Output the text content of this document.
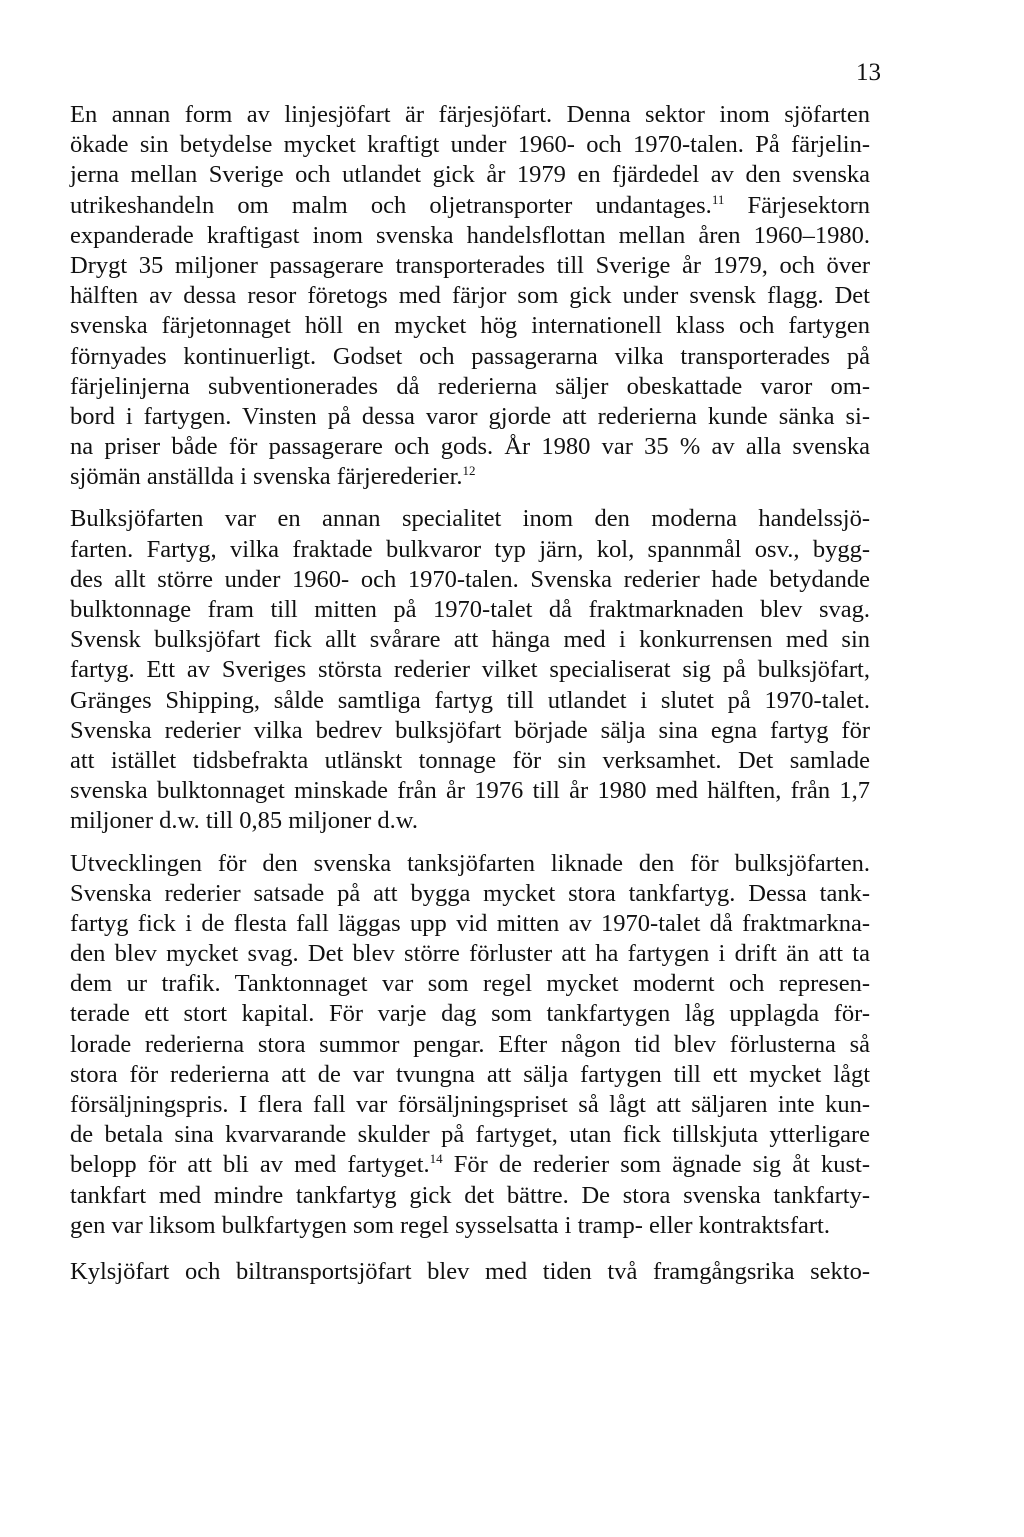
13
En annan form av linjesjöfart är färjesjöfart. Denna sektor inom sjöfarten
ökade sin betydelse mycket kraftigt under 1960- och 1970-talen. På färjelin-
jerna mellan Sverige och utlandet gick år 1979 en fjärdedel av den svenska
utrikeshandeln om malm och oljetransporter undantages.$^{11}$ Färjesektorn
expanderade kraftigast inom svenska handelsflottan mellan åren 1960–1980.
Drygt 35 miljoner passagerare transporterades till Sverige år 1979, och över
hälften av dessa resor företogs med färjor som gick under svensk flagg. Det
svenska färjetonnaget höll en mycket hög internationell klass och fartygen
förnyades kontinuerligt. Godset och passagerarna vilka transporterades på
färjelinjerna subventionerades då rederierna säljer obeskattade varor om-
bord i fartygen. Vinsten på dessa varor gjorde att rederierna kunde sänka si-
na priser både för passagerare och gods. År 1980 var 35 % av alla svenska
sjömän anställda i svenska färjerederier.$^{12}$
Bulksjöfarten var en annan specialitet inom den moderna handelssjö-
farten. Fartyg, vilka fraktade bulkvaror typ järn, kol, spannmål osv., bygg-
des allt större under 1960- och 1970-talen. Svenska rederier hade betydande
bulktonnage fram till mitten på 1970-talet då fraktmarknaden blev svag.
Svensk bulksjöfart fick allt svårare att hänga med i konkurrensen med sin
fartyg. Ett av Sveriges största rederier vilket specialiserat sig på bulksjöfart,
Gränges Shipping, sålde samtliga fartyg till utlandet i slutet på 1970-talet.
Svenska rederier vilka bedrev bulksjöfart började sälja sina egna fartyg för
att istället tidsbefrakta utlänskt tonnage för sin verksamhet. Det samlade
svenska bulktonnaget minskade från år 1976 till år 1980 med hälften, från 1,7
miljoner d.w. till 0,85 miljoner d.w.
Utvecklingen för den svenska tanksjöfarten liknade den för bulksjöfarten.
Svenska rederier satsade på att bygga mycket stora tankfartyg. Dessa tank-
fartyg fick i de flesta fall läggas upp vid mitten av 1970-talet då fraktmarkna-
den blev mycket svag. Det blev större förluster att ha fartygen i drift än att ta
dem ur trafik. Tanktonnaget var som regel mycket modernt och represen-
terade ett stort kapital. För varje dag som tankfartygen låg upplagda för-
lorade rederierna stora summor pengar. Efter någon tid blev förlusterna så
stora för rederierna att de var tvungna att sälja fartygen till ett mycket lågt
försäljningspris. I flera fall var försäljningspriset så lågt att säljaren inte kun-
de betala sina kvarvarande skulder på fartyget, utan fick tillskjuta ytterligare
belopp för att bli av med fartyget.$^{14}$ För de rederier som ägnade sig åt kust-
tankfart med mindre tankfartyg gick det bättre. De stora svenska tankfarty-
gen var liksom bulkfartygen som regel sysselsatta i tramp- eller kontraktsfart.
Kylsjöfart och biltransportsjöfart blev med tiden två framgångsrika sekto-
